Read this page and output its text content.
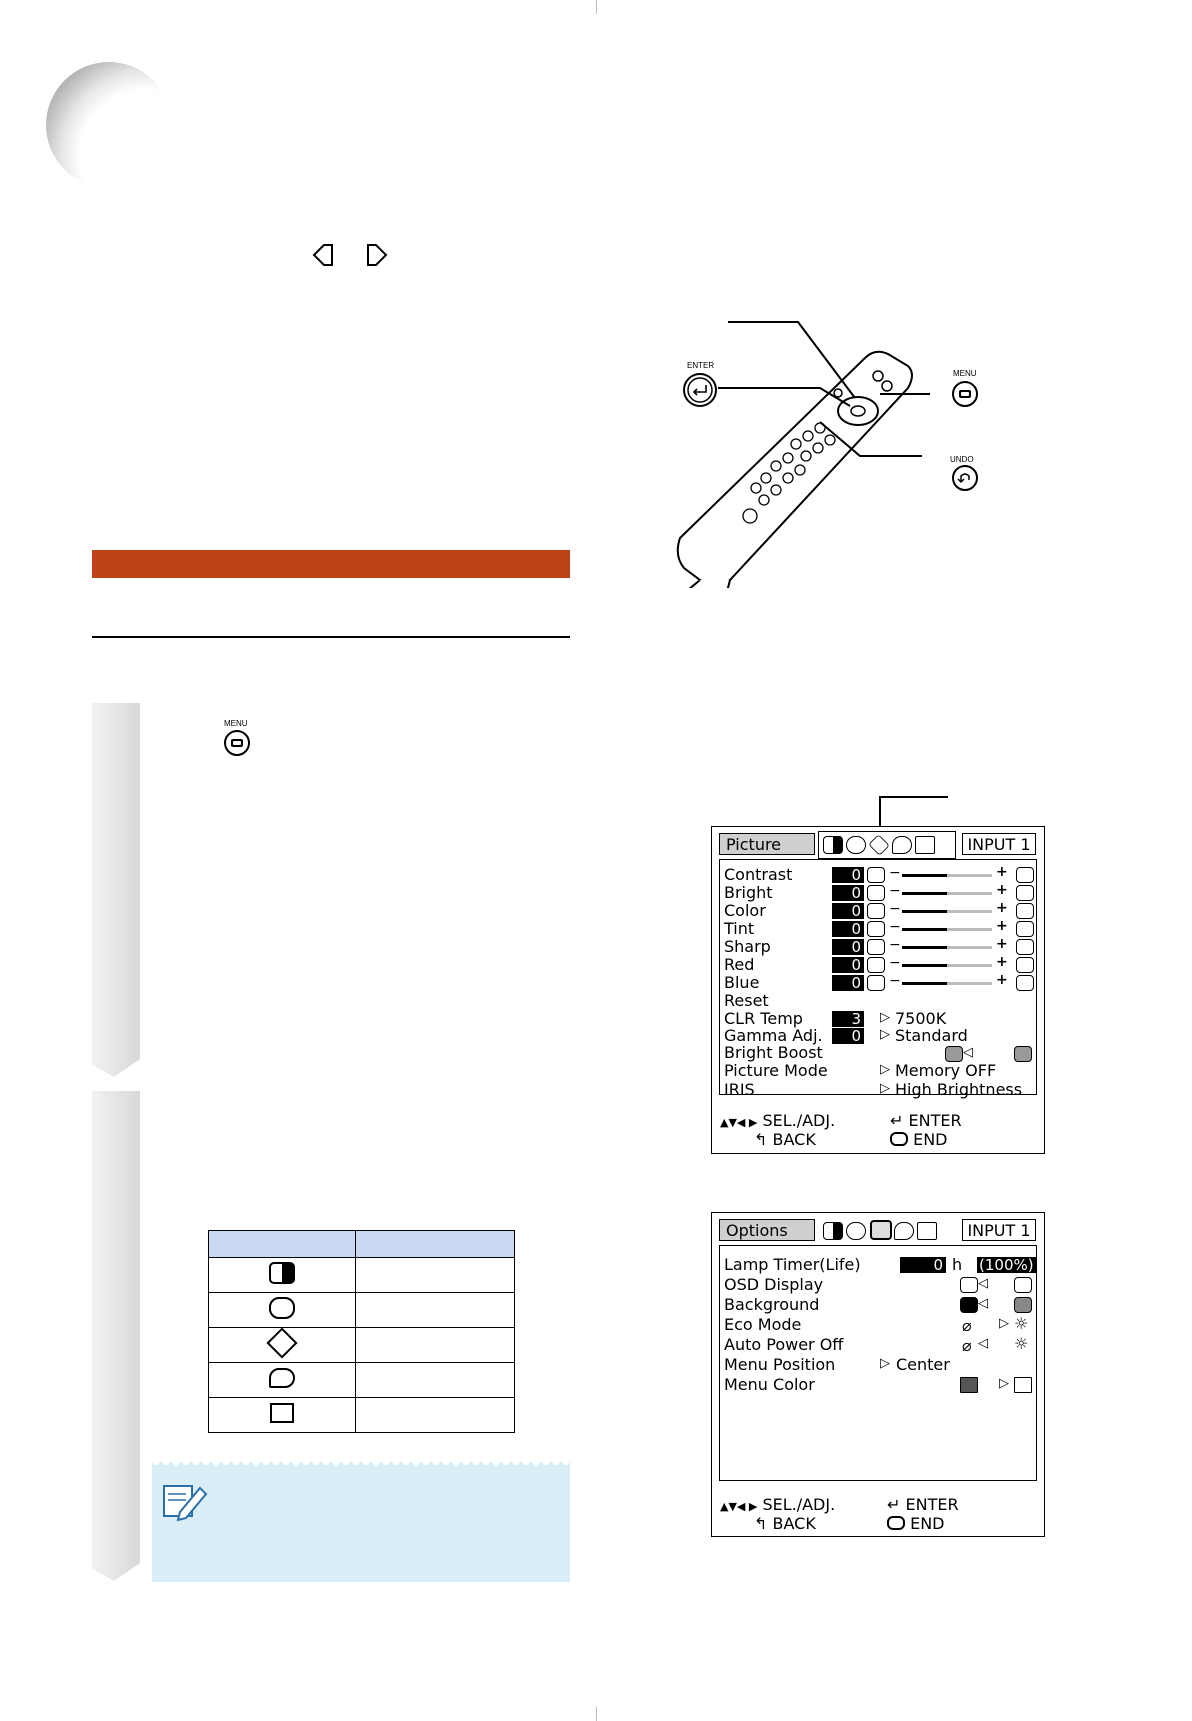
ENTER
MENU
UNDO
MENU
Picture	INPUT 1
▲▼◀ ▶ SEL./ADJ.
↰ BACK
↵ ENTER
END
Contrast	0 −	+
Bright	0 −	+
Color	0 −	+
Tint	0 −	+
Sharp	0 −	+
Red	0 −	+
Blue	0 −	+
Reset
CLR Temp	3 ▷ 7500K
Gamma Adj.	0 ▷ Standard
Bright Boost	◁
Picture Mode	▷ Memory OFF
IRIS	▷ High Brightness
Options	INPUT 1
Lamp Timer(Life)	0 h (100%)
OSD Display	◁
Background	◁
Eco Mode	⌀ ▷ ☼
Auto Power Off	⌀ ◁ ☼
Menu Position	▷ Center
Menu Color	▷
▲▼◀ ▶ SEL./ADJ.
↰ BACK
↵ ENTER
END
